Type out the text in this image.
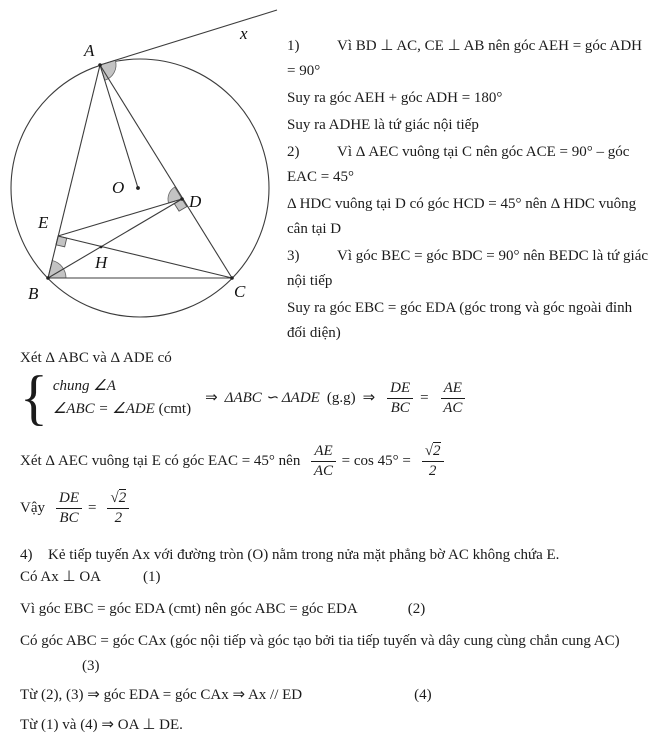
A
x
O
D
E
H
B	C

1)	Vì BD ⊥ AC, CE ⊥ AB nên góc AEH = góc ADH = 90°

Suy ra góc AEH + góc ADH = 180°

Suy ra ADHE là tứ giác nội tiếp

2)	Vì Δ AEC vuông tại C nên góc ACE = 90° – góc EAC = 45°

Δ HDC vuông tại D có góc HCD = 45° nên Δ HDC vuông cân tại D

3)	Vì góc BEC = góc BDC = 90° nên BEDC là tứ giác nội tiếp

Suy ra góc EBC = góc EDA (góc trong và góc ngoài đỉnh đối diện)

Xét Δ ABC và Δ ADE có

{ chung ∠A
∠ABC = ∠ADE (cmt)
⇒ ΔABC ∽ ΔADE (g.g) ⇒ $\frac{DE}{BC} = \frac{AE}{AC}$
Xét Δ AEC vuông tại E có góc EAC = 45° nên $\frac{AE}{AC} = \cos 45^\circ = \frac{√2}{2}$
Vậy $\frac{DE}{BC} = \frac{√2}{2}$

4) Kẻ tiếp tuyến Ax với đường tròn (O) nằm trong nửa mặt phẳng bờ AC không chứa E.

Có Ax ⊥ OA	(1)

Vì góc EBC = góc EDA (cmt) nên góc ABC = góc EDA	(2)

Có góc ABC = góc CAx (góc nội tiếp và góc tạo bởi tia tiếp tuyến và dây cung cùng chắn cung AC)(3)

Từ (2), (3) ⇒ góc EDA = góc CAx ⇒ Ax // ED	(4)

Từ (1) và (4) ⇒ OA ⊥ DE.
